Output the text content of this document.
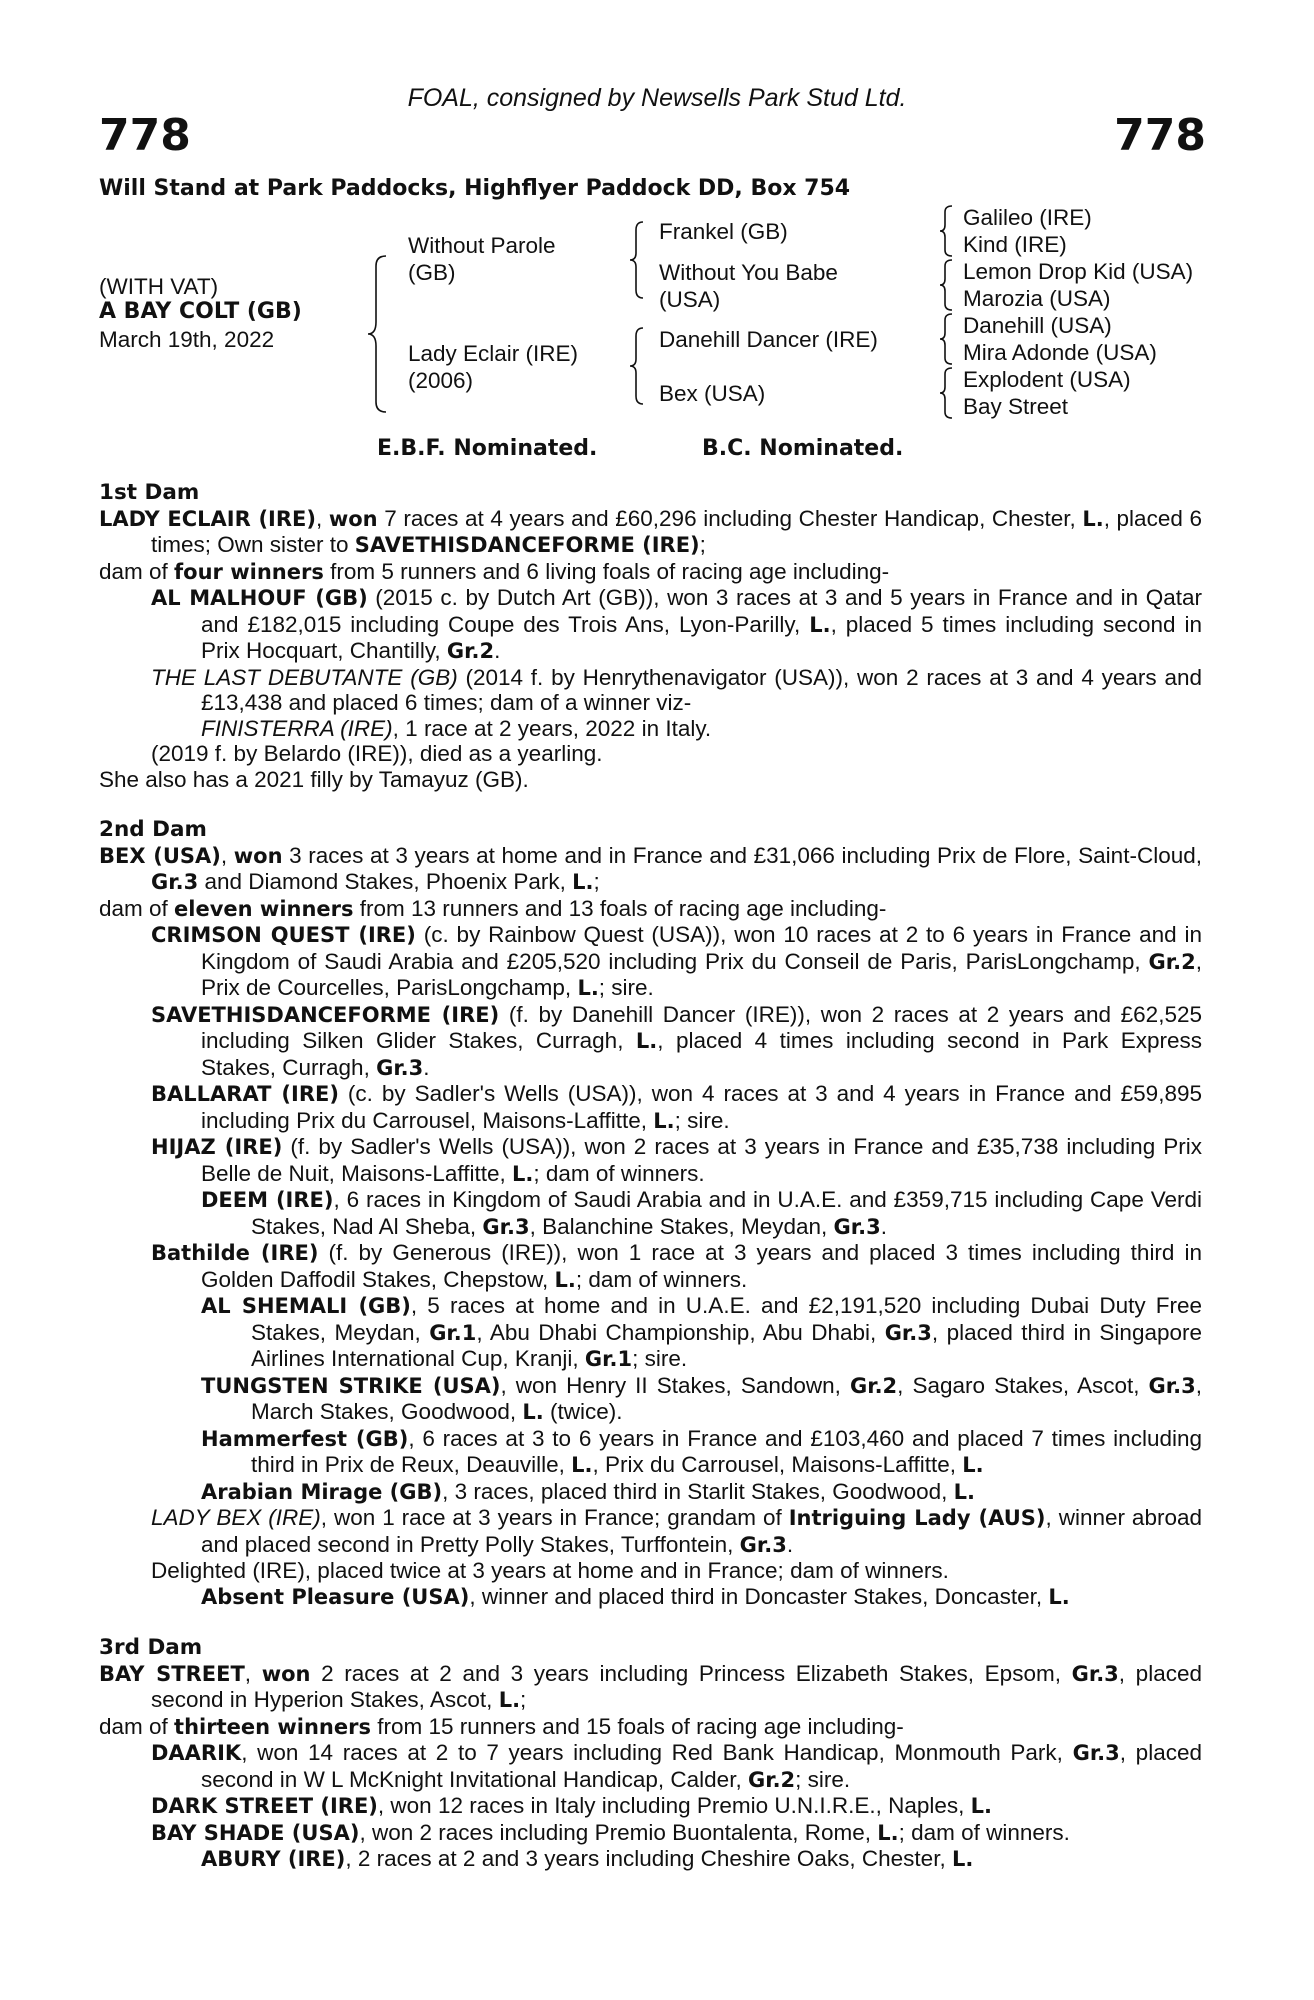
FOAL, consigned by Newsells Park Stud Ltd.
778	778
Will Stand at Park Paddocks, Highflyer Paddock DD, Box 754
(WITH VAT)
A BAY COLT (GB)
March 19th, 2022
Without Parole
(GB)
Lady Eclair (IRE)
(2006)
Frankel (GB)
Without You Babe
(USA)
Danehill Dancer (IRE)
Bex (USA)
Galileo (IRE)
Kind (IRE)
Lemon Drop Kid (USA)
Marozia (USA)
Danehill (USA)
Mira Adonde (USA)
Explodent (USA)
Bay Street
E.B.F. Nominated.	B.C. Nominated.
1st Dam
LADY ECLAIR (IRE), won 7 races at 4 years and £60,296 including Chester Handicap, Chester, L., placed 6 times; Own sister to SAVETHISDANCEFORME (IRE);
dam of four winners from 5 runners and 6 living foals of racing age including-
AL MALHOUF (GB) (2015 c. by Dutch Art (GB)), won 3 races at 3 and 5 years in France and in Qatar and £182,015 including Coupe des Trois Ans, Lyon-Parilly, L., placed 5 times including second in Prix Hocquart, Chantilly, Gr.2.
THE LAST DEBUTANTE (GB) (2014 f. by Henrythenavigator (USA)), won 2 races at 3 and 4 years and £13,438 and placed 6 times; dam of a winner viz-
FINISTERRA (IRE), 1 race at 2 years, 2022 in Italy.
(2019 f. by Belardo (IRE)), died as a yearling.
She also has a 2021 filly by Tamayuz (GB).
2nd Dam
BEX (USA), won 3 races at 3 years at home and in France and £31,066 including Prix de Flore, Saint-Cloud, Gr.3 and Diamond Stakes, Phoenix Park, L.;
dam of eleven winners from 13 runners and 13 foals of racing age including-
CRIMSON QUEST (IRE) (c. by Rainbow Quest (USA)), won 10 races at 2 to 6 years in France and in Kingdom of Saudi Arabia and £205,520 including Prix du Conseil de Paris, ParisLongchamp, Gr.2, Prix de Courcelles, ParisLongchamp, L.; sire.
SAVETHISDANCEFORME (IRE) (f. by Danehill Dancer (IRE)), won 2 races at 2 years and £62,525 including Silken Glider Stakes, Curragh, L., placed 4 times including second in Park Express Stakes, Curragh, Gr.3.
BALLARAT (IRE) (c. by Sadler's Wells (USA)), won 4 races at 3 and 4 years in France and £59,895 including Prix du Carrousel, Maisons-Laffitte, L.; sire.
HIJAZ (IRE) (f. by Sadler's Wells (USA)), won 2 races at 3 years in France and £35,738 including Prix Belle de Nuit, Maisons-Laffitte, L.; dam of winners.
DEEM (IRE), 6 races in Kingdom of Saudi Arabia and in U.A.E. and £359,715 including Cape Verdi Stakes, Nad Al Sheba, Gr.3, Balanchine Stakes, Meydan, Gr.3.
Bathilde (IRE) (f. by Generous (IRE)), won 1 race at 3 years and placed 3 times including third in Golden Daffodil Stakes, Chepstow, L.; dam of winners.
AL SHEMALI (GB), 5 races at home and in U.A.E. and £2,191,520 including Dubai Duty Free Stakes, Meydan, Gr.1, Abu Dhabi Championship, Abu Dhabi, Gr.3, placed third in Singapore Airlines International Cup, Kranji, Gr.1; sire.
TUNGSTEN STRIKE (USA), won Henry II Stakes, Sandown, Gr.2, Sagaro Stakes, Ascot, Gr.3, March Stakes, Goodwood, L. (twice).
Hammerfest (GB), 6 races at 3 to 6 years in France and £103,460 and placed 7 times including third in Prix de Reux, Deauville, L., Prix du Carrousel, Maisons-Laffitte, L.
Arabian Mirage (GB), 3 races, placed third in Starlit Stakes, Goodwood, L.
LADY BEX (IRE), won 1 race at 3 years in France; grandam of Intriguing Lady (AUS), winner abroad and placed second in Pretty Polly Stakes, Turffontein, Gr.3.
Delighted (IRE), placed twice at 3 years at home and in France; dam of winners.
Absent Pleasure (USA), winner and placed third in Doncaster Stakes, Doncaster, L.
3rd Dam
BAY STREET, won 2 races at 2 and 3 years including Princess Elizabeth Stakes, Epsom, Gr.3, placed second in Hyperion Stakes, Ascot, L.;
dam of thirteen winners from 15 runners and 15 foals of racing age including-
DAARIK, won 14 races at 2 to 7 years including Red Bank Handicap, Monmouth Park, Gr.3, placed second in W L McKnight Invitational Handicap, Calder, Gr.2; sire.
DARK STREET (IRE), won 12 races in Italy including Premio U.N.I.R.E., Naples, L.
BAY SHADE (USA), won 2 races including Premio Buontalenta, Rome, L.; dam of winners.
ABURY (IRE), 2 races at 2 and 3 years including Cheshire Oaks, Chester, L.
